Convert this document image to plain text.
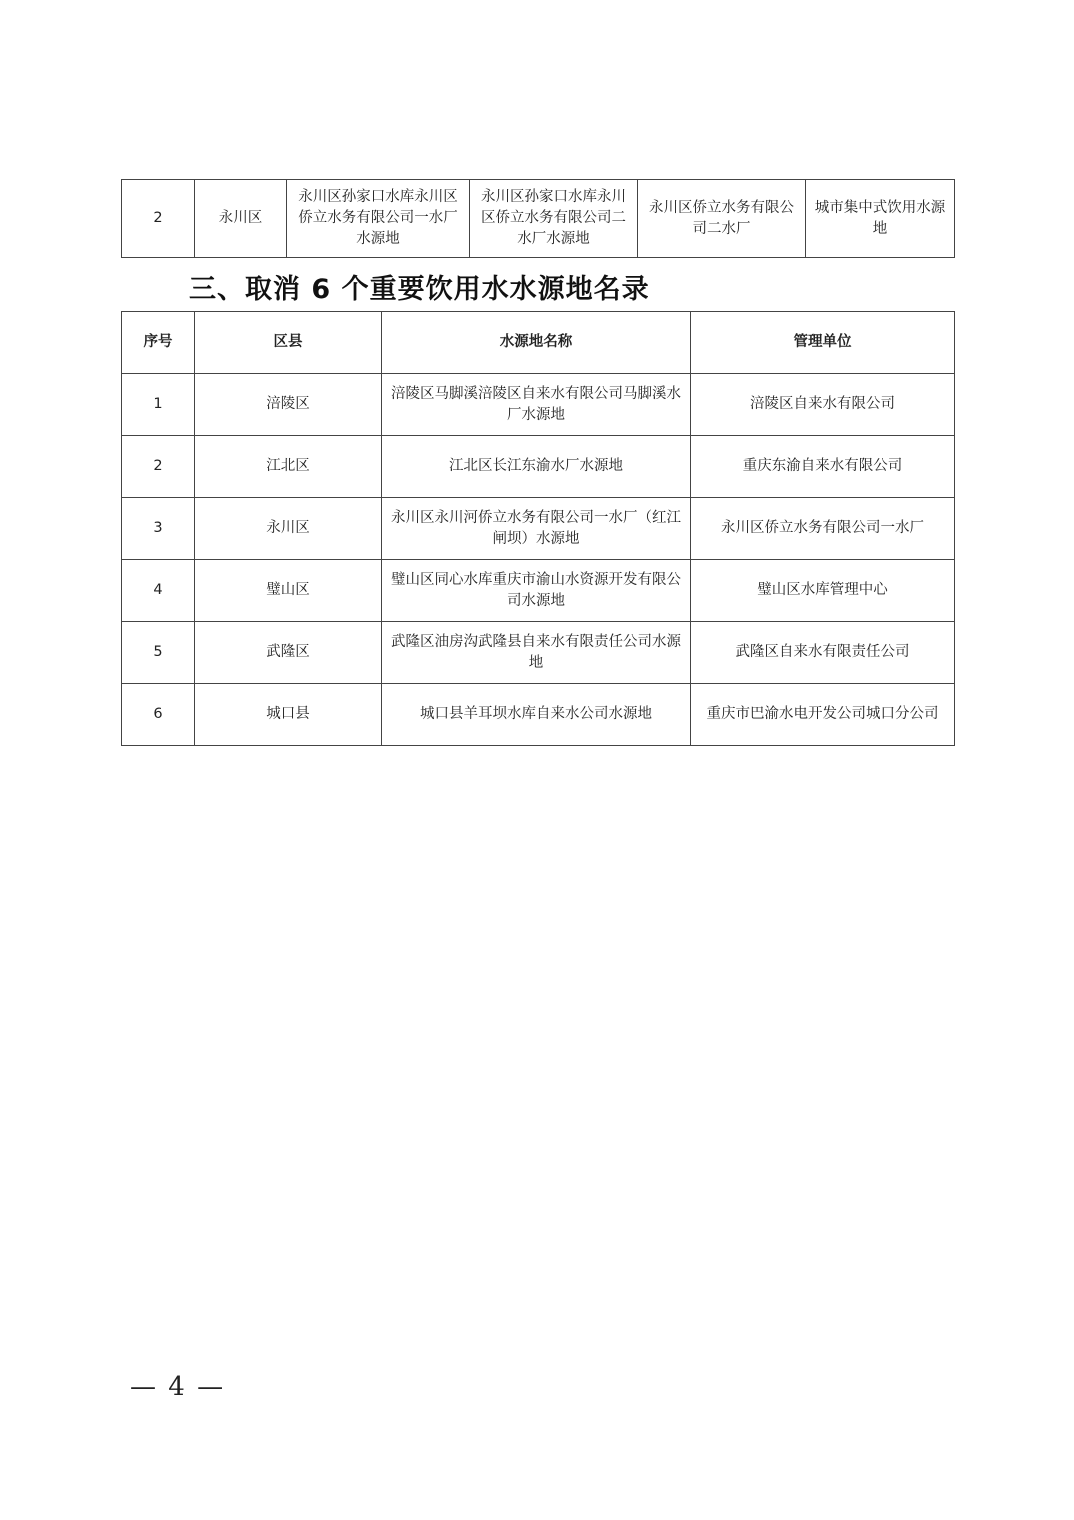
2	永川区	永川区孙家口水库永川区侨立水务有限公司一水厂水源地	永川区孙家口水库永川区侨立水务有限公司二水厂水源地	永川区侨立水务有限公司二水厂	城市集中式饮用水源地
三、取消 6 个重要饮用水水源地名录
序号	区县	水源地名称	管理单位
1	涪陵区	涪陵区马脚溪涪陵区自来水有限公司马脚溪水厂水源地	涪陵区自来水有限公司
2	江北区	江北区长江东渝水厂水源地	重庆东渝自来水有限公司
3	永川区	永川区永川河侨立水务有限公司一水厂（红江闸坝）水源地	永川区侨立水务有限公司一水厂
4	璧山区	璧山区同心水库重庆市渝山水资源开发有限公司水源地	璧山区水库管理中心
5	武隆区	武隆区油房沟武隆县自来水有限责任公司水源地	武隆区自来水有限责任公司
6	城口县	城口县羊耳坝水库自来水公司水源地	重庆市巴渝水电开发公司城口分公司
— 4 —
